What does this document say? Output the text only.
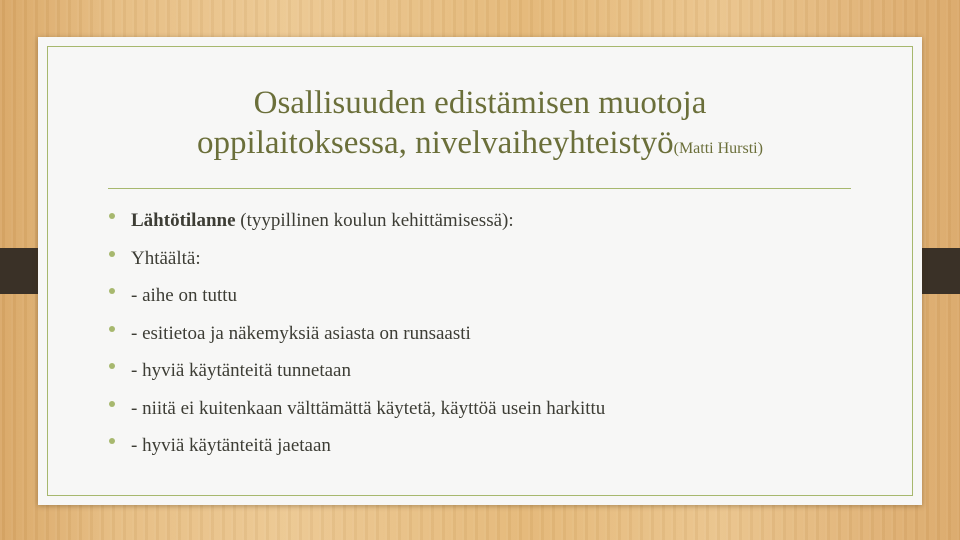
Osallisuuden edistämisen muotoja
oppilaitoksessa, nivelvaiheyhteistyö(Matti Hursti)
Lähtötilanne (tyypillinen koulun kehittämisessä):
Yhtäältä:
- aihe on tuttu
- esitietoa ja näkemyksiä asiasta on runsaasti
- hyviä käytänteitä tunnetaan
- niitä ei kuitenkaan välttämättä käytetä, käyttöä usein harkittu
- hyviä käytänteitä jaetaan
